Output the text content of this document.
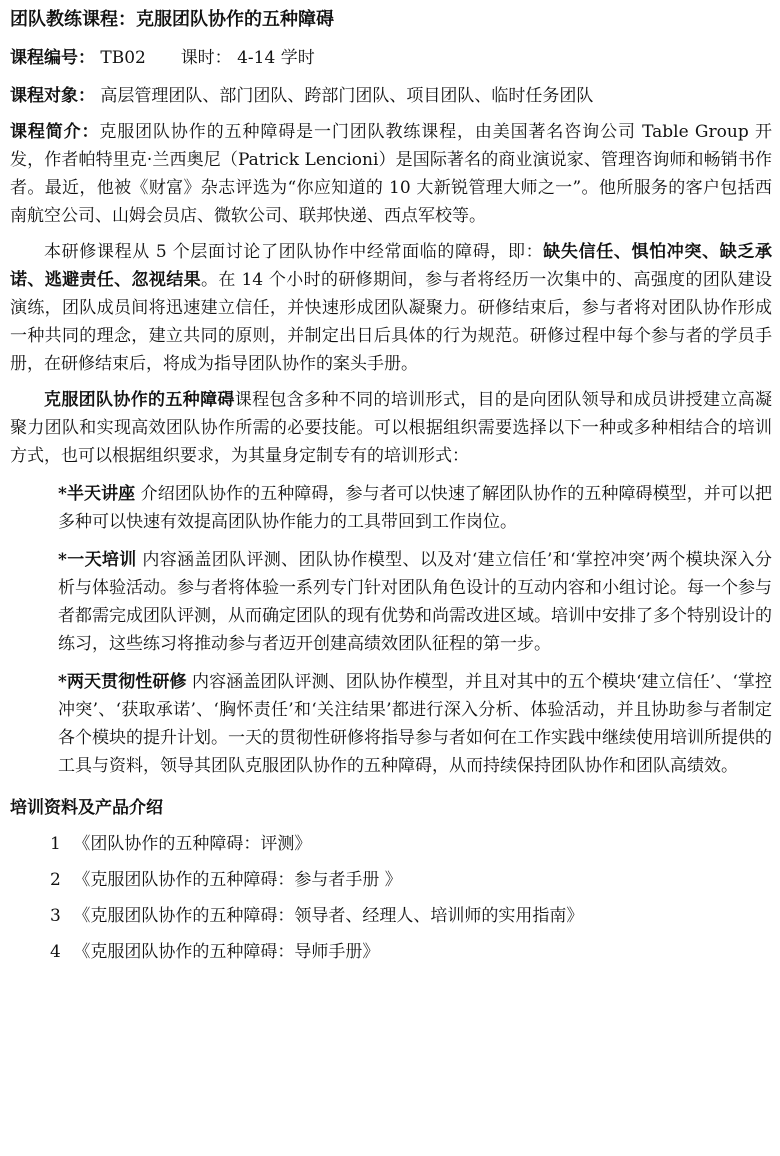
团队教练课程：克服团队协作的五种障碍
课程编号： TB02 课时： 4-14 学时
课程对象： 高层管理团队、部门团队、跨部门团队、项目团队、临时任务团队
课程简介：克服团队协作的五种障碍是一门团队教练课程，由美国著名咨询公司 Table Group 开发，作者帕特里克·兰西奥尼（Patrick Lencioni）是国际著名的商业演说家、管理咨询师和畅销书作者。最近，他被《财富》杂志评选为“你应知道的 10 大新锐管理大师之一”。他所服务的客户包括西南航空公司、山姆会员店、微软公司、联邦快递、西点军校等。
本研修课程从 5 个层面讨论了团队协作中经常面临的障碍，即：缺失信任、惧怕冲突、缺乏承诺、逃避责任、忽视结果。在 14 个小时的研修期间，参与者将经历一次集中的、高强度的团队建设演练，团队成员间将迅速建立信任，并快速形成团队凝聚力。研修结束后，参与者将对团队协作形成一种共同的理念，建立共同的原则，并制定出日后具体的行为规范。研修过程中每个参与者的学员手册，在研修结束后，将成为指导团队协作的案头手册。
克服团队协作的五种障碍课程包含多种不同的培训形式，目的是向团队领导和成员讲授建立高凝聚力团队和实现高效团队协作所需的必要技能。可以根据组织需要选择以下一种或多种相结合的培训方式，也可以根据组织要求，为其量身定制专有的培训形式：
*半天讲座 介绍团队协作的五种障碍，参与者可以快速了解团队协作的五种障碍模型，并可以把多种可以快速有效提高团队协作能力的工具带回到工作岗位。
*一天培训 内容涵盖团队评测、团队协作模型、以及对‘建立信任’和‘掌控冲突’两个模块深入分析与体验活动。参与者将体验一系列专门针对团队角色设计的互动内容和小组讨论。每一个参与者都需完成团队评测，从而确定团队的现有优势和尚需改进区域。培训中安排了多个特别设计的练习，这些练习将推动参与者迈开创建高绩效团队征程的第一步。
*两天贯彻性研修 内容涵盖团队评测、团队协作模型，并且对其中的五个模块‘建立信任’、‘掌控冲突’、‘获取承诺’、‘胸怀责任’和‘关注结果’都进行深入分析、体验活动，并且协助参与者制定各个模块的提升计划。一天的贯彻性研修将指导参与者如何在工作实践中继续使用培训所提供的工具与资料，领导其团队克服团队协作的五种障碍，从而持续保持团队协作和团队高绩效。
培训资料及产品介绍
1 《团队协作的五种障碍：评测》
2 《克服团队协作的五种障碍：参与者手册 》
3 《克服团队协作的五种障碍：领导者、经理人、培训师的实用指南》
4 《克服团队协作的五种障碍：导师手册》
